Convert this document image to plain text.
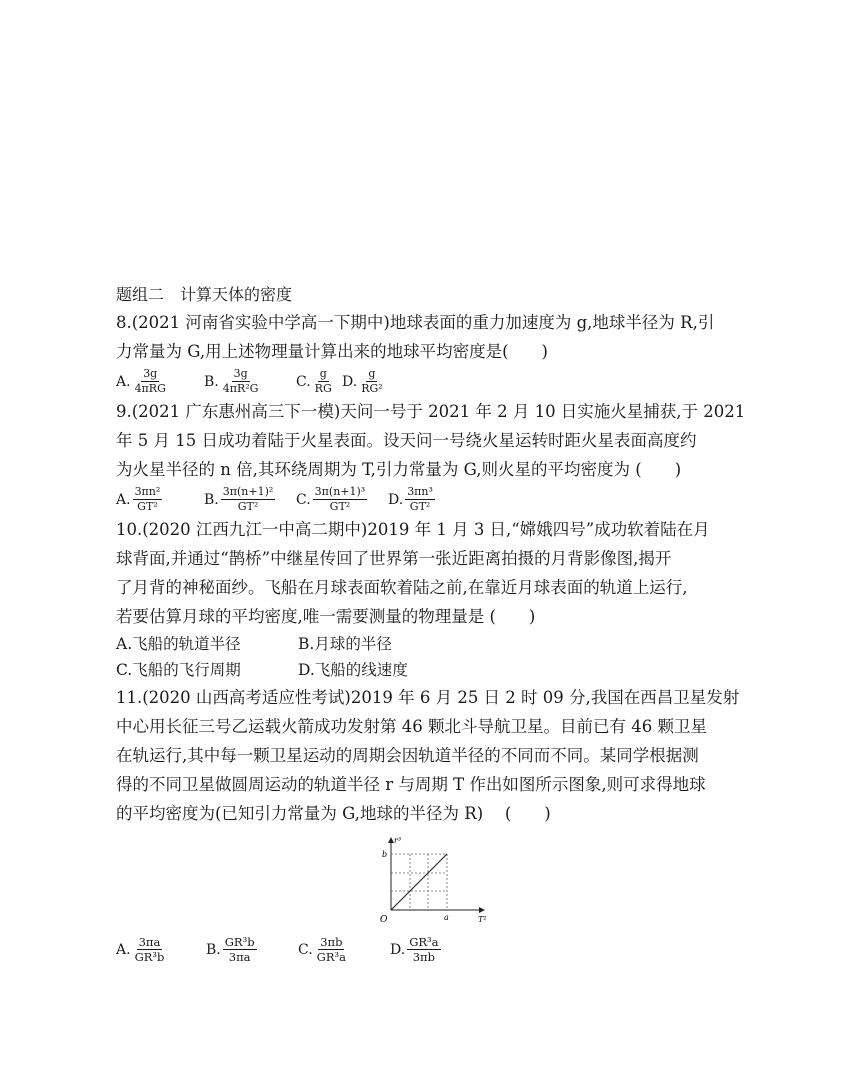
题组二　计算天体的密度
8.(2021 河南省实验中学高一下期中)地球表面的重力加速度为 g,地球半径为 R,引
力常量为 G,用上述物理量计算出来的地球平均密度是(　　)
A. $\frac{3g}{\text{4πRG}}$	B. $\frac{3g}{\text{4πR²G}}$	C. $\frac{g}{RG} D$. $\frac{g}{\text{RG²}}$
9.(2021 广东惠州高三下一模)天问一号于 2021 年 2 月 10 日实施火星捕获,于 2021
年 5 月 15 日成功着陆于火星表面。设天问一号绕火星运转时距火星表面高度约
为火星半径的 n 倍,其环绕周期为 T,引力常量为 G,则火星的平均密度为 (　　)
A. $\frac{\text{3πn²}}{\text{GT²}}$	B. $\frac{\text{3π(n+1)²}}{\text{GT²}} C$. $\frac{\text{3π(n+1)³}}{\text{GT²}} D$. $\frac{\text{3πn³}}{\text{GT²}}$
10.(2020 江西九江一中高二期中)2019 年 1 月 3 日,“嫦娥四号”成功软着陆在月
球背面,并通过“鹊桥”中继星传回了世界第一张近距离拍摄的月背影像图,揭开
了月背的神秘面纱。飞船在月球表面软着陆之前,在靠近月球表面的轨道上运行,
若要估算月球的平均密度,唯一需要测量的物理量是 (　　)
A.飞船的轨道半径	B.月球的半径
C.飞船的飞行周期	D.飞船的线速度
11.(2020 山西高考适应性考试)2019 年 6 月 25 日 2 时 09 分,我国在西昌卫星发射
中心用长征三号乙运载火箭成功发射第 46 颗北斗导航卫星。目前已有 46 颗卫星
在轨运行,其中每一颗卫星运动的周期会因轨道半径的不同而不同。某同学根据测
得的不同卫星做圆周运动的轨道半径 r 与周期 T 作出如图所示图象,则可求得地球
的平均密度为(已知引力常量为 G,地球的半径为 R)　 (　　)
r³
T²
O
b
a
A. $\frac{3\pi a}{\text{GR³b}}$	B. $\frac{\text{GR³b}}{3\pi a}$	C. $\frac{3\pi b}{\text{GR³a}}$	D. $\frac{\text{GR³a}}{3\pi b}$
